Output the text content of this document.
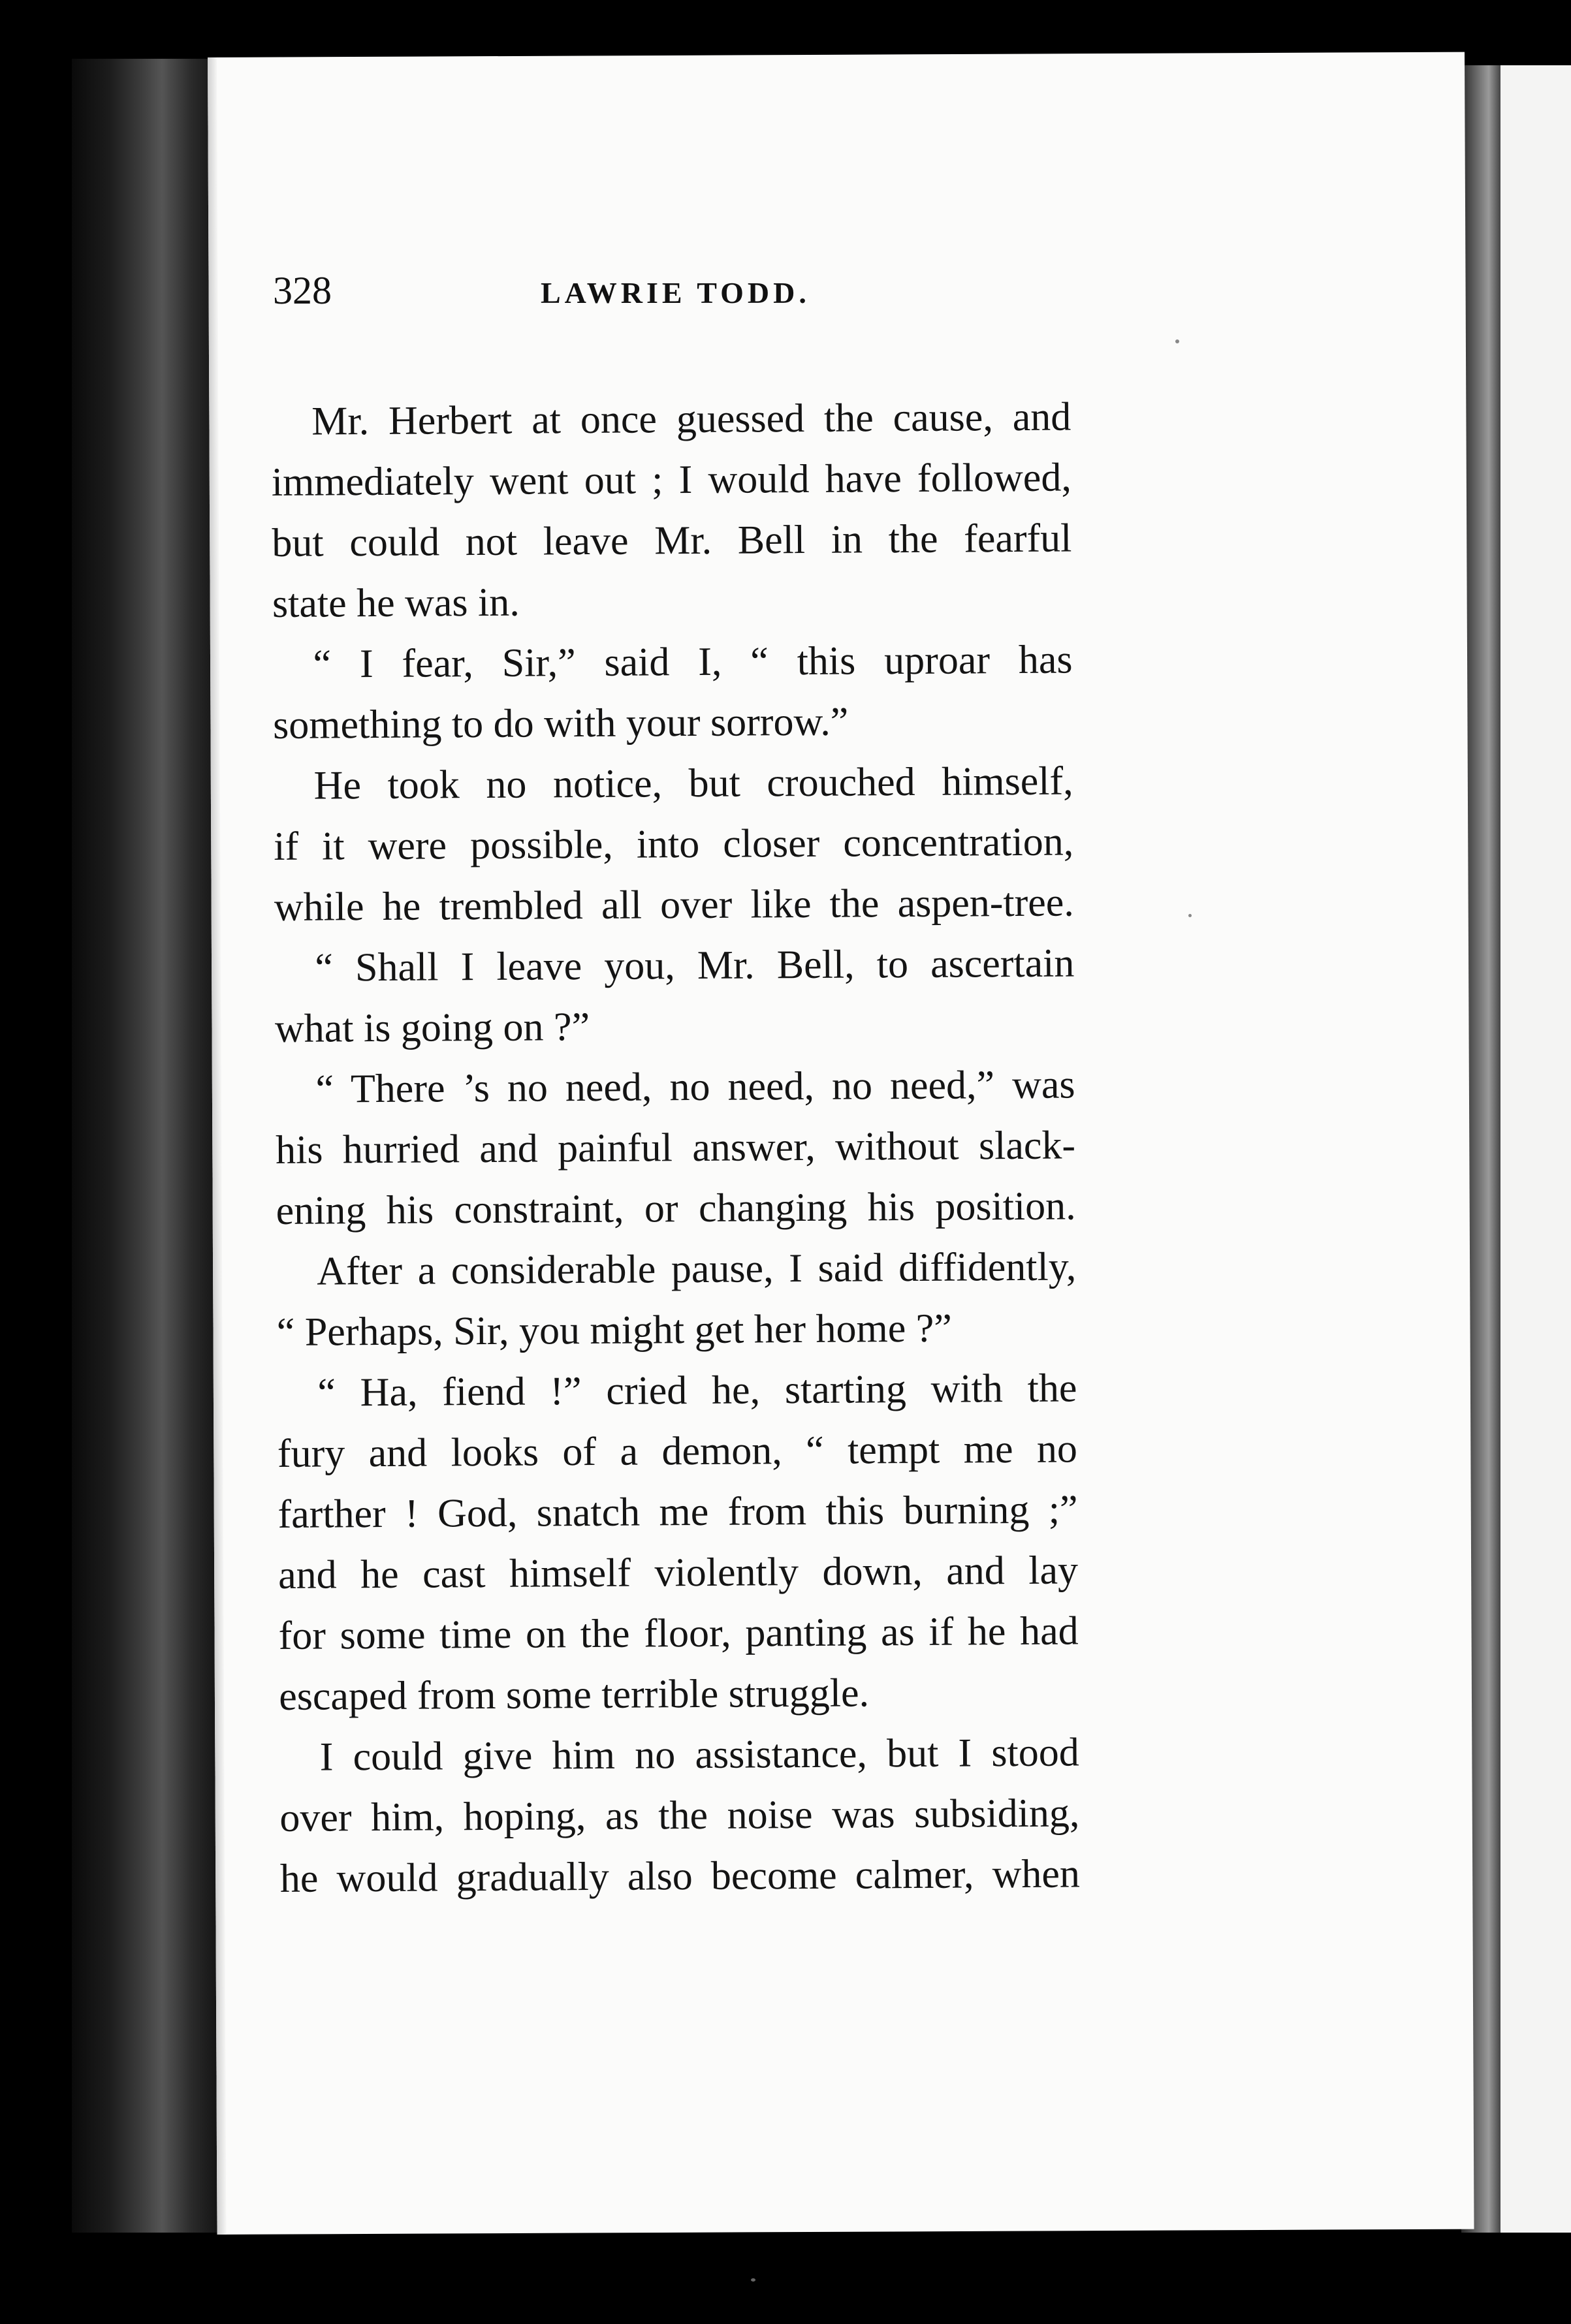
328	LAWRIE TODD.
Mr. Herbert at once guessed the cause, and
immediately went out ; I would have followed,
but could not leave Mr. Bell in the fearful
state he was in.
“ I fear, Sir,” said I, “ this uproar has
something to do with your sorrow.”
He took no notice, but crouched himself,
if it were possible, into closer concentration,
while he trembled all over like the aspen-tree.
“ Shall I leave you, Mr. Bell, to ascertain
what is going on ?”
“ There ’s no need, no need, no need,” was
his hurried and painful answer, without slack-
ening his constraint, or changing his position.
After a considerable pause, I said diffidently,
“ Perhaps, Sir, you might get her home ?”
“ Ha, fiend !” cried he, starting with the
fury and looks of a demon, “ tempt me no
farther ! God, snatch me from this burning ;”
and he cast himself violently down, and lay
for some time on the floor, panting as if he had
escaped from some terrible struggle.
I could give him no assistance, but I stood
over him, hoping, as the noise was subsiding,
he would gradually also become calmer, when
